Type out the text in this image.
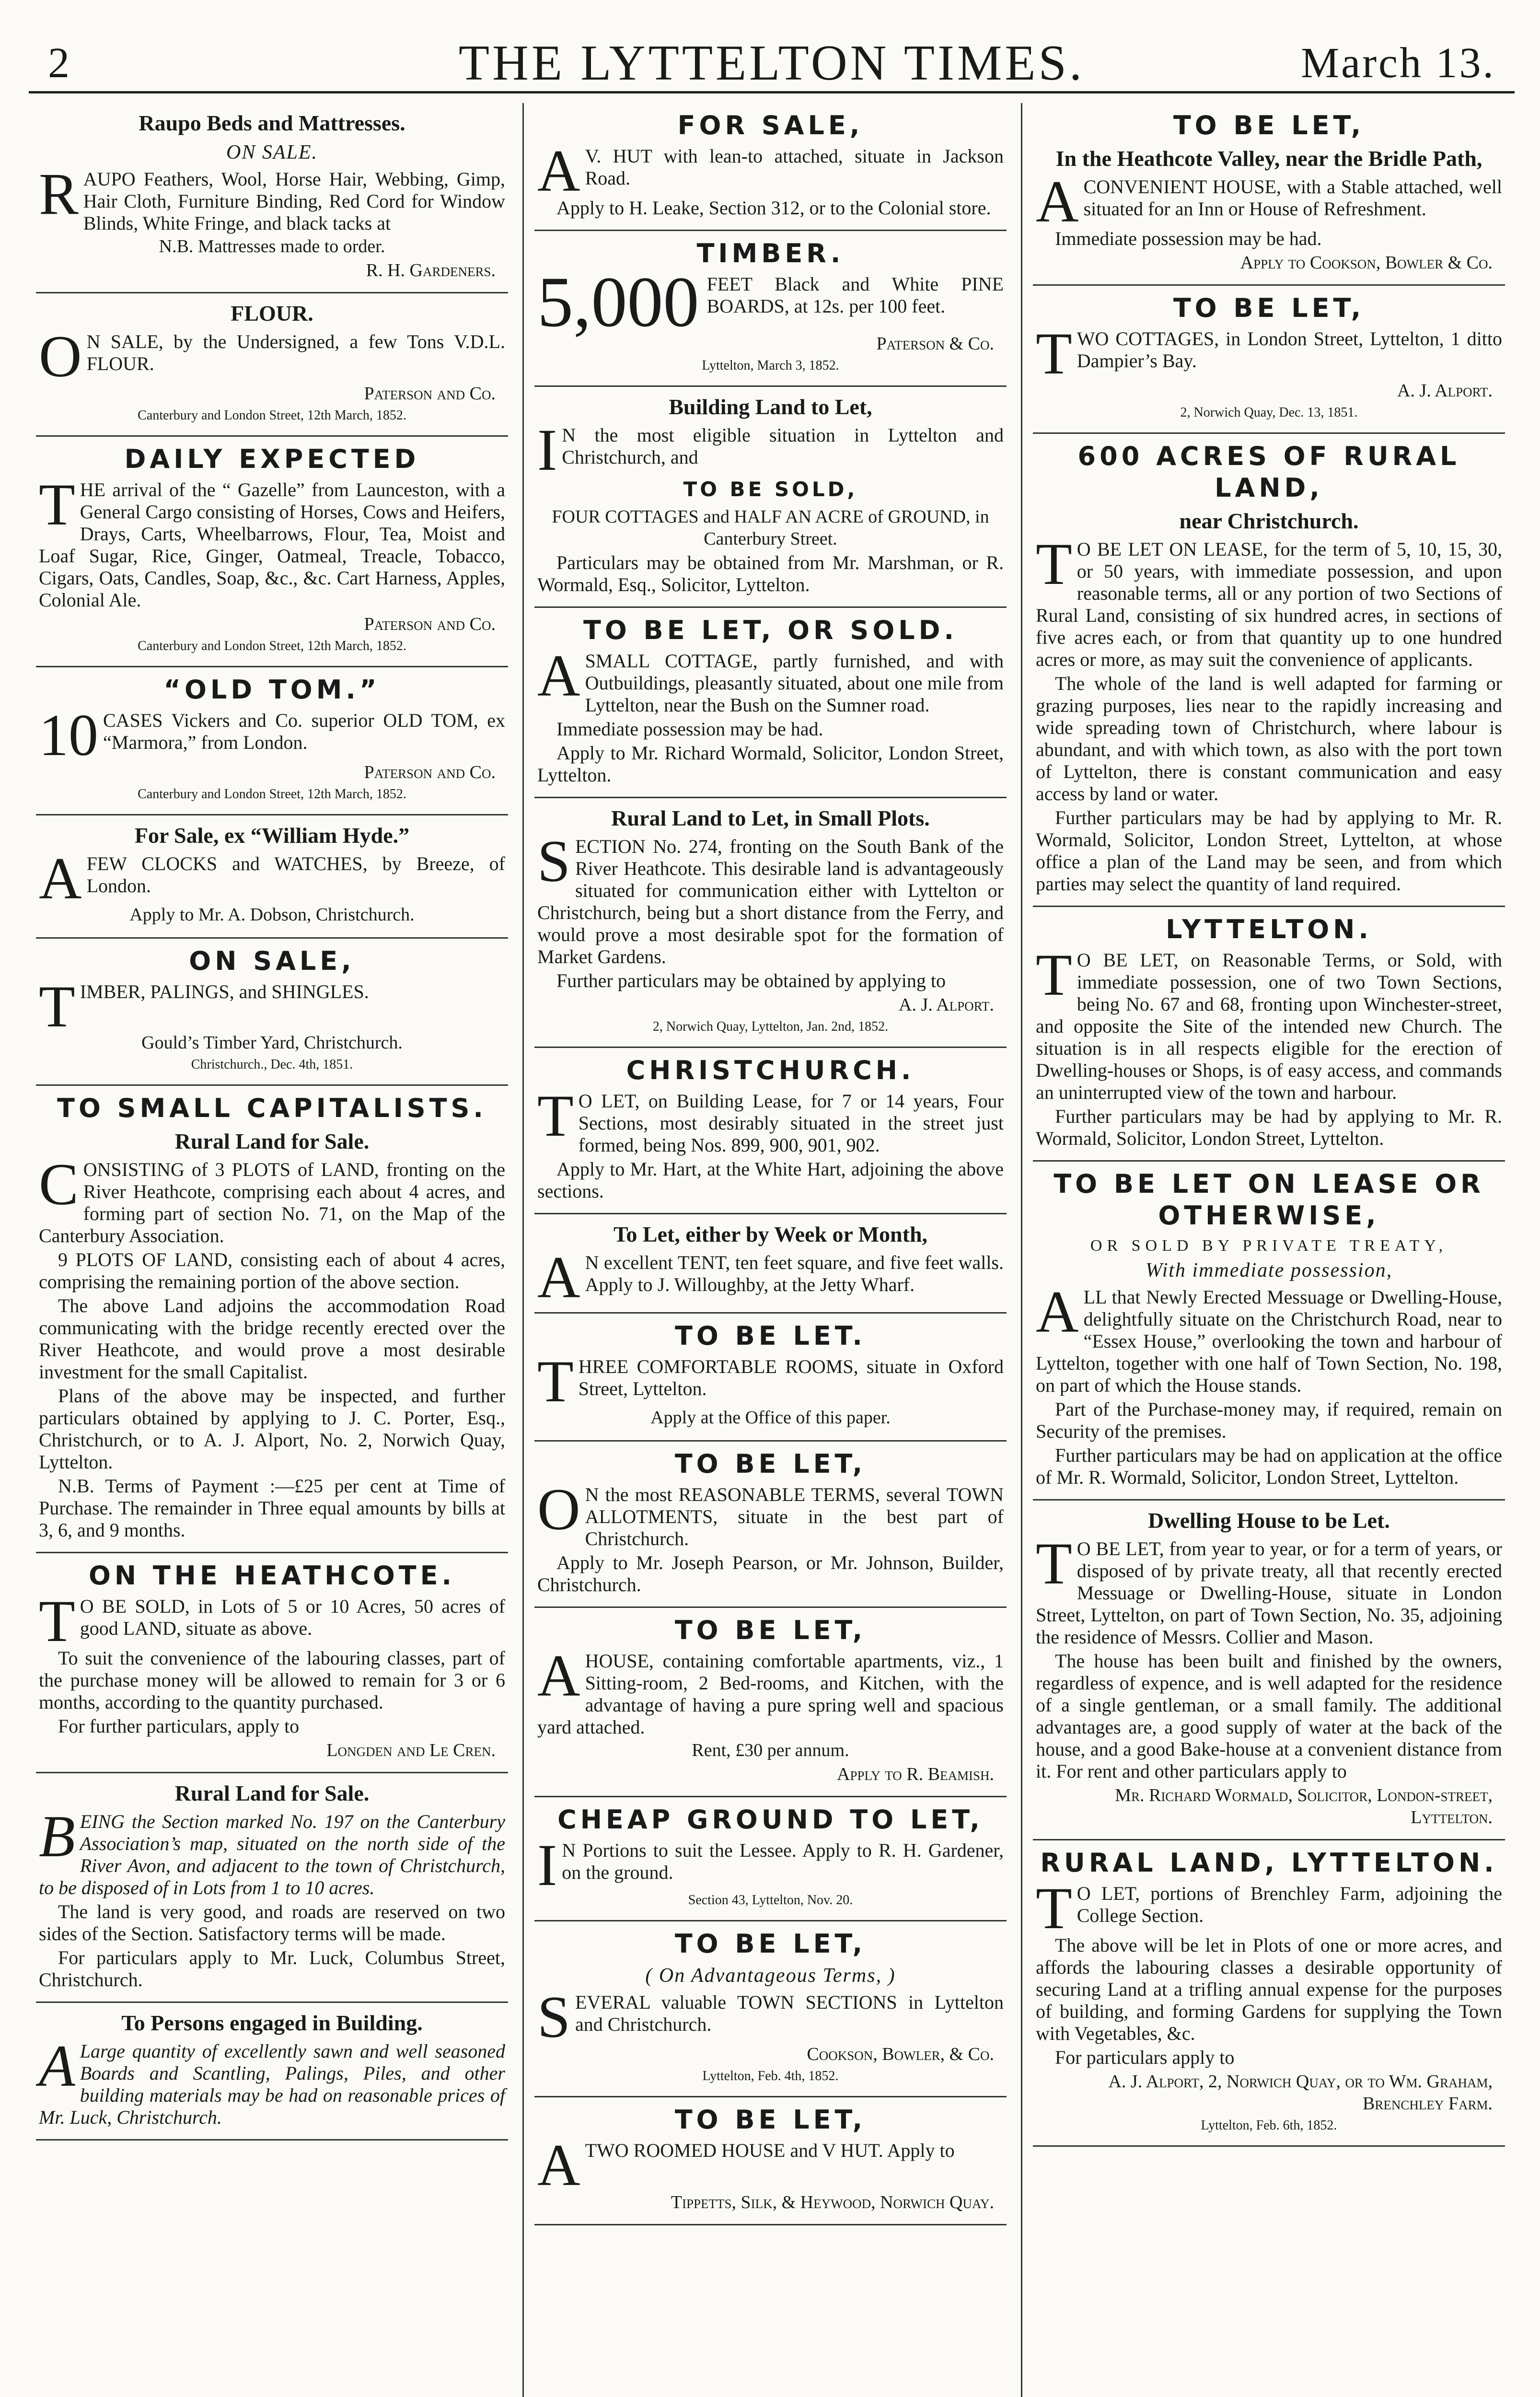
2	THE LYTTELTON TIMES.	March 13.
Raupo Beds and Mattresses.
ON SALE.
RAUPO Feathers, Wool, Horse Hair, Webbing, Gimp, Hair Cloth, Furniture Binding, Red Cord for Window Blinds, White Fringe, and black tacks at
N.B. Mattresses made to order.
R. H. Gardeners.
FLOUR.
O N SALE, by the Undersigned, a few Tons V.D.L. FLOUR.
Paterson and Co.
Canterbury and London Street, 12th March, 1852.
DAILY EXPECTED
THE arrival of the “ Gazelle” from Launceston, with a General Cargo consisting of Horses, Cows and Heifers, Drays, Carts, Wheelbarrows, Flour, Tea, Moist and Loaf Sugar, Rice, Ginger, Oatmeal, Treacle, Tobacco, Cigars, Oats, Candles, Soap, &c., &c. Cart Harness, Apples, Colonial Ale.
Paterson and Co.
Canterbury and London Street, 12th March, 1852.
“OLD TOM.”
10 CASES Vickers and Co. superior OLD TOM, ex “Marmora,” from London.
Paterson and Co.
Canterbury and London Street, 12th March, 1852.
For Sale, ex “William Hyde.”
AFEW CLOCKS and WATCHES, by Breeze, of London.
Apply to Mr. A. Dobson, Christchurch.
ON SALE,
TIMBER, PALINGS, and SHINGLES.
Gould’s Timber Yard, Christchurch.
Christchurch., Dec. 4th, 1851.
TO SMALL CAPITALISTS.
Rural Land for Sale.
CONSISTING of 3 PLOTS of LAND, fronting on the River Heathcote, comprising each about 4 acres, and forming part of section No. 71, on the Map of the Canterbury Association.
9 PLOTS OF LAND, consisting each of about 4 acres, comprising the remaining portion of the above section.
The above Land adjoins the accommodation Road communicating with the bridge recently erected over the River Heathcote, and would prove a most desirable investment for the small Capitalist.
Plans of the above may be inspected, and further particulars obtained by applying to J. C. Porter, Esq., Christchurch, or to A. J. Alport, No. 2, Norwich Quay, Lyttelton.
N.B. Terms of Payment :—£25 per cent at Time of Purchase. The remainder in Three equal amounts by bills at 3, 6, and 9 months.
ON THE HEATHCOTE.
T O BE SOLD, in Lots of 5 or 10 Acres, 50 acres of good LAND, situate as above.
To suit the convenience of the labouring classes, part of the purchase money will be allowed to remain for 3 or 6 months, according to the quantity purchased.
For further particulars, apply to
Longden and Le Cren.
Rural Land for Sale.
BEING the Section marked No. 197 on the Canterbury Association’s map, situated on the north side of the River Avon, and adjacent to the town of Christchurch, to be disposed of in Lots from 1 to 10 acres.
The land is very good, and roads are reserved on two sides of the Section. Satisfactory terms will be made.
For particulars apply to Mr. Luck, Columbus Street, Christchurch.
To Persons engaged in Building.
A Large quantity of excellently sawn and well seasoned Boards and Scantling, Palings, Piles, and other building materials may be had on reasonable prices of Mr. Luck, Christchurch.
FOR SALE,
A V. HUT with lean-to attached, situate in Jackson Road.
Apply to H. Leake, Section 312, or to the Colonial store.
TIMBER.
5,000 FEET Black and White PINE BOARDS, at 12s. per 100 feet.
Paterson & Co.
Lyttelton, March 3, 1852.
Building Land to Let,
I N the most eligible situation in Lyttelton and Christchurch, and
TO BE SOLD,
FOUR COTTAGES and HALF AN ACRE of GROUND, in Canterbury Street.
Particulars may be obtained from Mr. Marshman, or R. Wormald, Esq., Solicitor, Lyttelton.
TO BE LET, OR SOLD.
ASMALL COTTAGE, partly furnished, and with Outbuildings, pleasantly situated, about one mile from Lyttelton, near the Bush on the Sumner road.
Immediate possession may be had.
Apply to Mr. Richard Wormald, Solicitor, London Street, Lyttelton.
Rural Land to Let, in Small Plots.
SECTION No. 274, fronting on the South Bank of the River Heathcote. This desirable land is advantageously situated for communication either with Lyttelton or Christchurch, being but a short distance from the Ferry, and would prove a most desirable spot for the formation of Market Gardens.
Further particulars may be obtained by applying to
A. J. Alport.
2, Norwich Quay, Lyttelton, Jan. 2nd, 1852.
CHRISTCHURCH.
T O LET, on Building Lease, for 7 or 14 years, Four Sections, most desirably situated in the street just formed, being Nos. 899, 900, 901, 902.
Apply to Mr. Hart, at the White Hart, adjoining the above sections.
To Let, either by Week or Month,
A N excellent TENT, ten feet square, and five feet walls. Apply to J. Willoughby, at the Jetty Wharf.
TO BE LET.
THREE COMFORTABLE ROOMS, situate in Oxford Street, Lyttelton.
Apply at the Office of this paper.
TO BE LET,
O N the most REASONABLE TERMS, several TOWN ALLOTMENTS, situate in the best part of Christchurch.
Apply to Mr. Joseph Pearson, or Mr. Johnson, Builder, Christchurch.
TO BE LET,
AHOUSE, containing comfortable apartments, viz., 1 Sitting-room, 2 Bed-rooms, and Kitchen, with the advantage of having a pure spring well and spacious yard attached.
Rent, £30 per annum.
Apply to R. Beamish.
CHEAP GROUND TO LET,
I N Portions to suit the Lessee. Apply to R. H. Gardener, on the ground.
Section 43, Lyttelton, Nov. 20.
TO BE LET,
( On Advantageous Terms, )
SEVERAL valuable TOWN SECTIONS in Lyttelton and Christchurch.
Cookson, Bowler, & Co.
Lyttelton, Feb. 4th, 1852.
TO BE LET,
ATWO ROOMED HOUSE and V HUT. Apply to
Tippetts, Silk, & Heywood, Norwich Quay.
TO BE LET,
In the Heathcote Valley, near the Bridle Path,
ACONVENIENT HOUSE, with a Stable attached, well situated for an Inn or House of Refreshment.
Immediate possession may be had.
Apply to Cookson, Bowler & Co.
TO BE LET,
TWO COTTAGES, in London Street, Lyttelton, 1 ditto Dampier’s Bay.
A. J. Alport.
2, Norwich Quay, Dec. 13, 1851.
600 ACRES OF RURAL LAND,
near Christchurch.
T O BE LET ON LEASE, for the term of 5, 10, 15, 30, or 50 years, with immediate possession, and upon reasonable terms, all or any portion of two Sections of Rural Land, consisting of six hundred acres, in sections of five acres each, or from that quantity up to one hundred acres or more, as may suit the convenience of applicants.
The whole of the land is well adapted for farming or grazing purposes, lies near to the rapidly increasing and wide spreading town of Christchurch, where labour is abundant, and with which town, as also with the port town of Lyttelton, there is constant communication and easy access by land or water.
Further particulars may be had by applying to Mr. R. Wormald, Solicitor, London Street, Lyttelton, at whose office a plan of the Land may be seen, and from which parties may select the quantity of land required.
LYTTELTON.
T O BE LET, on Reasonable Terms, or Sold, with immediate possession, one of two Town Sections, being No. 67 and 68, fronting upon Winchester-street, and opposite the Site of the intended new Church. The situation is in all respects eligible for the erection of Dwelling-houses or Shops, is of easy access, and commands an uninterrupted view of the town and harbour.
Further particulars may be had by applying to Mr. R. Wormald, Solicitor, London Street, Lyttelton.
TO BE LET ON LEASE OR OTHERWISE,
OR SOLD BY PRIVATE TREATY,
With immediate possession,
ALL that Newly Erected Messuage or Dwelling-House, delightfully situate on the Christchurch Road, near to “Essex House,” overlooking the town and harbour of Lyttelton, together with one half of Town Section, No. 198, on part of which the House stands.
Part of the Purchase-money may, if required, remain on Security of the premises.
Further particulars may be had on application at the office of Mr. R. Wormald, Solicitor, London Street, Lyttelton.
Dwelling House to be Let.
T O BE LET, from year to year, or for a term of years, or disposed of by private treaty, all that recently erected Messuage or Dwelling-House, situate in London Street, Lyttelton, on part of Town Section, No. 35, adjoining the residence of Messrs. Collier and Mason.
The house has been built and finished by the owners, regardless of expence, and is well adapted for the residence of a single gentleman, or a small family. The additional advantages are, a good supply of water at the back of the house, and a good Bake-house at a convenient distance from it. For rent and other particulars apply to
Mr. Richard Wormald, Solicitor, London-street, Lyttelton.
RURAL LAND, LYTTELTON.
T O LET, portions of Brenchley Farm, adjoining the College Section.
The above will be let in Plots of one or more acres, and affords the labouring classes a desirable opportunity of securing Land at a trifling annual expense for the purposes of building, and forming Gardens for supplying the Town with Vegetables, &c.
For particulars apply to
A. J. Alport, 2, Norwich Quay, or to Wm. Graham, Brenchley Farm.
Lyttelton, Feb. 6th, 1852.
